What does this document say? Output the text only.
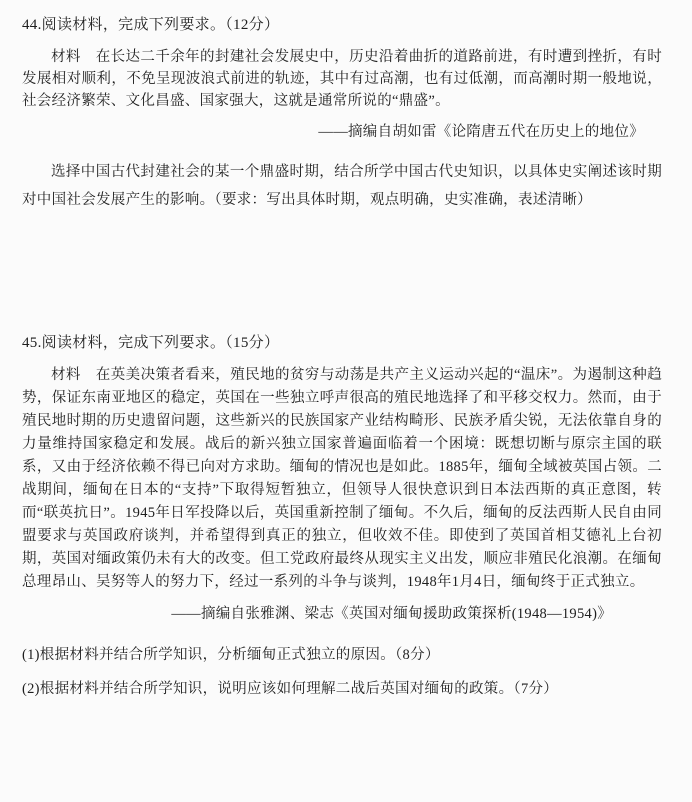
44.阅读材料，完成下列要求。（12分）

材料　在长达二千余年的封建社会发展史中，历史沿着曲折的道路前进，有时遭到挫折，有时发展相对顺利，不免呈现波浪式前进的轨迹，其中有过高潮，也有过低潮，而高潮时期一般地说，社会经济繁荣、文化昌盛、国家强大，这就是通常所说的“鼎盛”。

——摘编自胡如雷《论隋唐五代在历史上的地位》

选择中国古代封建社会的某一个鼎盛时期，结合所学中国古代史知识，以具体史实阐述该时期对中国社会发展产生的影响。（要求：写出具体时期，观点明确，史实准确，表述清晰）

45.阅读材料，完成下列要求。（15分）

材料　在英美决策者看来，殖民地的贫穷与动荡是共产主义运动兴起的“温床”。为遏制这种趋势，保证东南亚地区的稳定，英国在一些独立呼声很高的殖民地选择了和平移交权力。然而，由于殖民地时期的历史遗留问题，这些新兴的民族国家产业结构畸形、民族矛盾尖锐，无法依靠自身的力量维持国家稳定和发展。战后的新兴独立国家普遍面临着一个困境：既想切断与原宗主国的联系，又由于经济依赖不得已向对方求助。缅甸的情况也是如此。1885年，缅甸全域被英国占领。二战期间，缅甸在日本的“支持”下取得短暂独立，但领导人很快意识到日本法西斯的真正意图，转而“联英抗日”。1945年日军投降以后，英国重新控制了缅甸。不久后，缅甸的反法西斯人民自由同盟要求与英国政府谈判，并希望得到真正的独立，但收效不佳。即使到了英国首相艾德礼上台初期，英国对缅政策仍未有大的改变。但工党政府最终从现实主义出发，顺应非殖民化浪潮。在缅甸总理昂山、吴努等人的努力下，经过一系列的斗争与谈判，1948年1月4日，缅甸终于正式独立。

——摘编自张雅渊、梁志《英国对缅甸援助政策探析(1948—1954)》

(1)根据材料并结合所学知识，分析缅甸正式独立的原因。（8分）

(2)根据材料并结合所学知识，说明应该如何理解二战后英国对缅甸的政策。（7分）
